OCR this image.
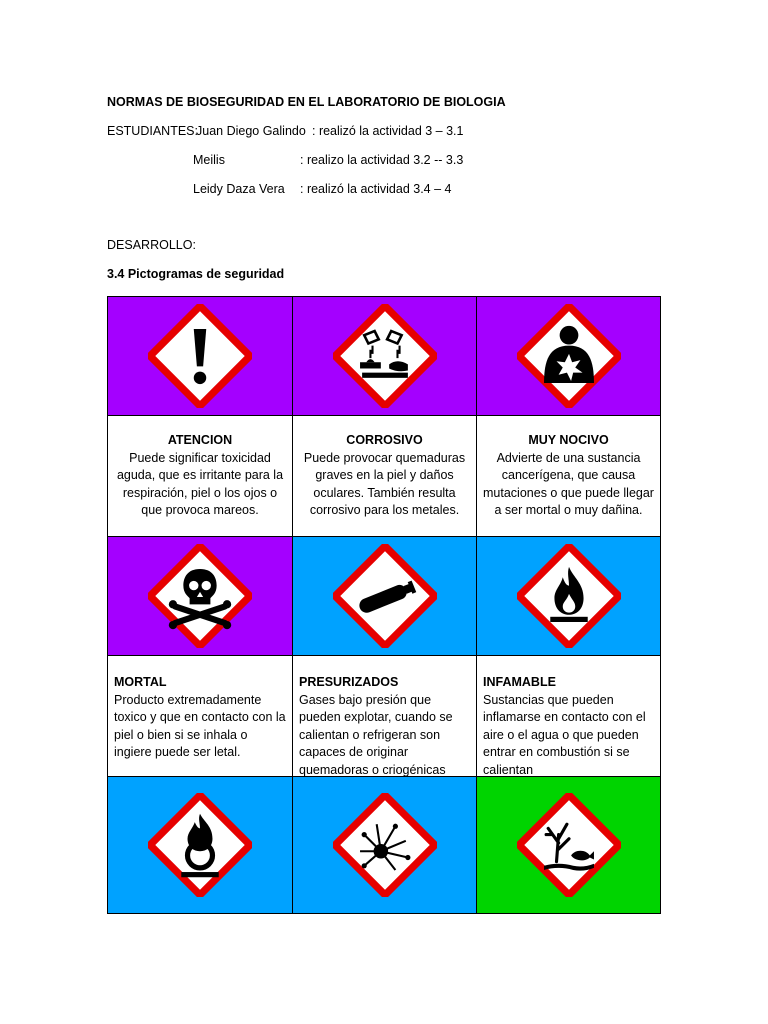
NORMAS DE BIOSEGURIDAD EN EL LABORATORIO DE BIOLOGIA
ESTUDIANTES:
Juan Diego Galindo : realizó la actividad 3 – 3.1
Meilis	: realizo la actividad 3.2 -- 3.3
Leidy Daza Vera : realizó la actividad 3.4 – 4
DESARROLLO:
3.4 Pictogramas de seguridad
ATENCION
Puede significar toxicidad aguda, que es irritante para la respiración, piel o los ojos o que provoca mareos.
CORROSIVO
Puede provocar quemaduras graves en la piel y daños oculares. También resulta corrosivo para los metales.
MUY NOCIVO
Advierte de una sustancia cancerígena, que causa mutaciones o que puede llegar a ser mortal o muy dañina.
MORTAL
Producto extremadamente toxico y que en contacto con la piel o bien si se inhala o ingiere puede ser letal.
PRESURIZADOS
Gases bajo presión que pueden explotar, cuando se calientan o refrigeran son capaces de originar quemadoras o criogénicas
INFAMABLE
Sustancias que pueden inflamarse en contacto con el aire o el agua o que pueden entrar en combustión si se calientan
